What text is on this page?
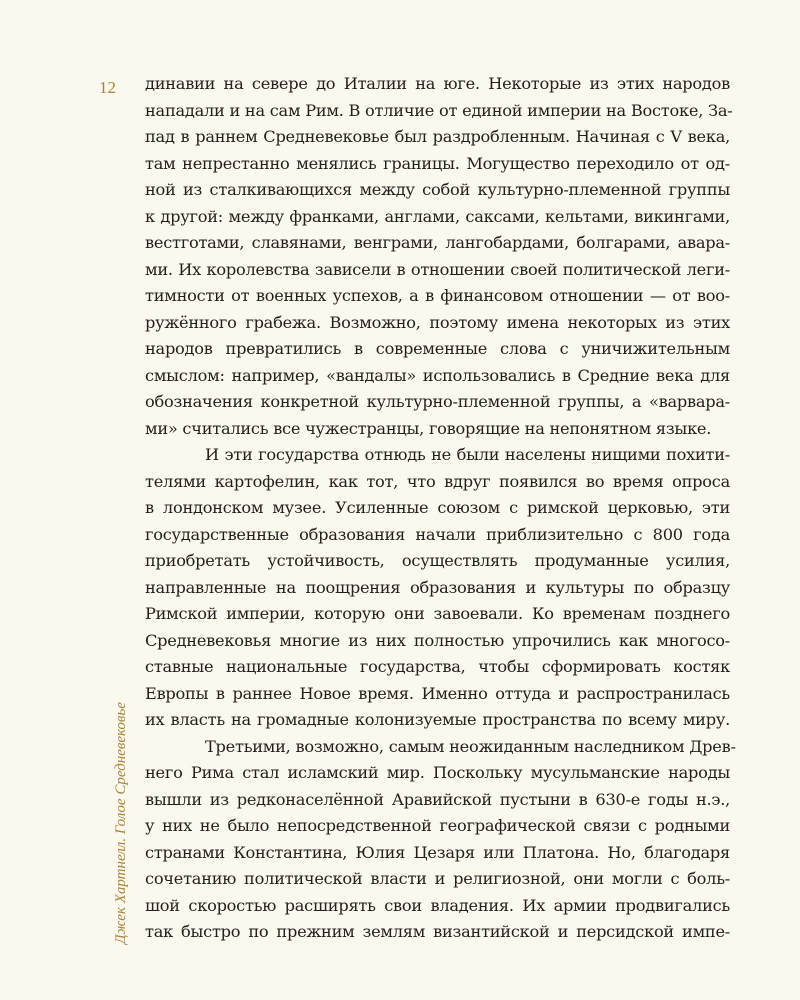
12
Джек Хартнелл. Голое Средневековье
динавии на севере до Италии на юге. Некоторые из этих народов
нападали и на сам Рим. В отличие от единой империи на Востоке, За-
пад в раннем Средневековье был раздробленным. Начиная с V века,
там непрестанно менялись границы. Могущество переходило от од-
ной из сталкивающихся между собой культурно-племенной группы
к другой: между франками, англами, саксами, кельтами, викингами,
вестготами, славянами, венграми, лангобардами, болгарами, авара-
ми. Их королевства зависели в отношении своей политической леги-
тимности от военных успехов, а в финансовом отношении — от воо-
ружённого грабежа. Возможно, поэтому имена некоторых из этих
народов превратились в современные слова с уничижительным
смыслом: например, «вандалы» использовались в Средние века для
обозначения конкретной культурно-племенной группы, а «варвара-
ми» считались все чужестранцы, говорящие на непонятном языке.
И эти государства отнюдь не были населены нищими похити-
телями картофелин, как тот, что вдруг появился во время опроса
в лондонском музее. Усиленные союзом с римской церковью, эти
государственные образования начали приблизительно с 800 года
приобретать устойчивость, осуществлять продуманные усилия,
направленные на поощрения образования и культуры по образцу
Римской империи, которую они завоевали. Ко временам позднего
Средневековья многие из них полностью упрочились как многосо-
ставные национальные государства, чтобы сформировать костяк
Европы в раннее Новое время. Именно оттуда и распространилась
их власть на громадные колонизуемые пространства по всему миру.
Третьими, возможно, самым неожиданным наследником Древ-
него Рима стал исламский мир. Поскольку мусульманские народы
вышли из редконаселённой Аравийской пустыни в 630-е годы н.э.,
у них не было непосредственной географической связи с родными
странами Константина, Юлия Цезаря или Платона. Но, благодаря
сочетанию политической власти и религиозной, они могли с боль-
шой скоростью расширять свои владения. Их армии продвигались
так быстро по прежним землям византийской и персидской импе-
